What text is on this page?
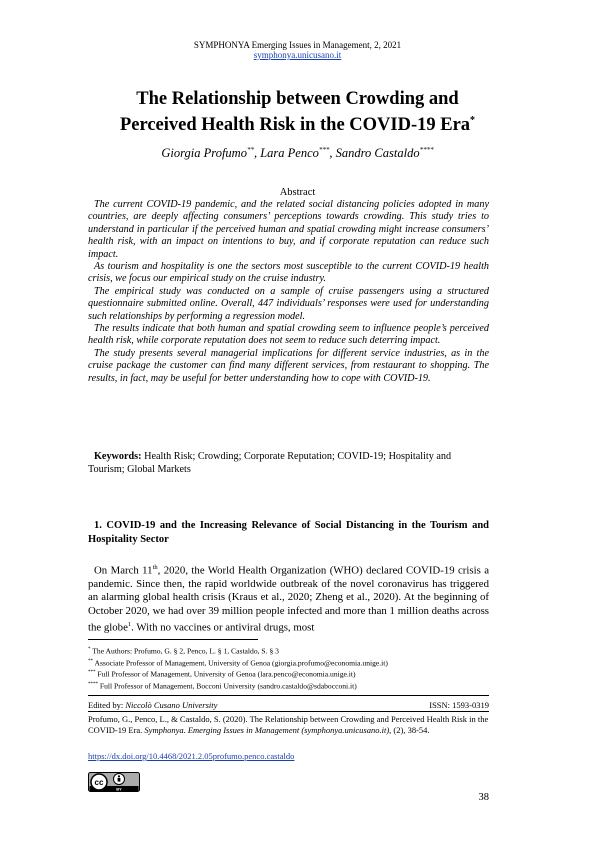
SYMPHONYA Emerging Issues in Management, 2, 2021
symphonya.unicusano.it
The Relationship between Crowding and
Perceived Health Risk in the COVID-19 Era*
Giorgia Profumo**, Lara Penco***, Sandro Castaldo****
Abstract

The current COVID-19 pandemic, and the related social distancing policies adopted in many countries, are deeply affecting consumers’ perceptions towards crowding. This study tries to understand in particular if the perceived human and spatial crowding might increase consumers’ health risk, with an impact on intentions to buy, and if corporate reputation can reduce such impact.

As tourism and hospitality is one the sectors most susceptible to the current COVID-19 health crisis, we focus our empirical study on the cruise industry.

The empirical study was conducted on a sample of cruise passengers using a structured questionnaire submitted online. Overall, 447 individuals’ responses were used for understanding such relationships by performing a regression model.

The results indicate that both human and spatial crowding seem to influence people’s perceived health risk, while corporate reputation does not seem to reduce such deterring impact.

The study presents several managerial implications for different service industries, as in the cruise package the customer can find many different services, from restaurant to shopping. The results, in fact, may be useful for better understanding how to cope with COVID-19.

Keywords: Health Risk; Crowding; Corporate Reputation; COVID-19; Hospitality and Tourism; Global Markets
1. COVID-19 and the Increasing Relevance of Social Distancing in the Tourism and Hospitality Sector

On March 11th, 2020, the World Health Organization (WHO) declared COVID-19 crisis a pandemic. Since then, the rapid worldwide outbreak of the novel coronavirus has triggered an alarming global health crisis (Kraus et al., 2020; Zheng et al., 2020). At the beginning of October 2020, we had over 39 million people infected and more than 1 million deaths across the globe$^1$. With no vaccines or antiviral drugs, most

* The Authors: Profumo, G. § 2, Penco, L. § 1, Castaldo, S. § 3
** Associate Professor of Management, University of Genoa (giorgia.profumo@economia.unige.it)
*** Full Professor of Management, University of Genoa (lara.penco@economia.unige.it)
**** Full Professor of Management, Bocconi University (sandro.castaldo@sdabocconi.it)
Edited by: Niccolò Cusano University	ISSN: 1593-0319
Profumo, G., Penco, L., & Castaldo, S. (2020). The Relationship between Crowding and Perceived Health Risk in the COVID-19 Era. Symphonya. Emerging Issues in Management (symphonya.unicusano.it), (2), 38-54.
https://dx.doi.org/10.4468/2021.2.05profumo.penco.castaldo
cc
BY
38
